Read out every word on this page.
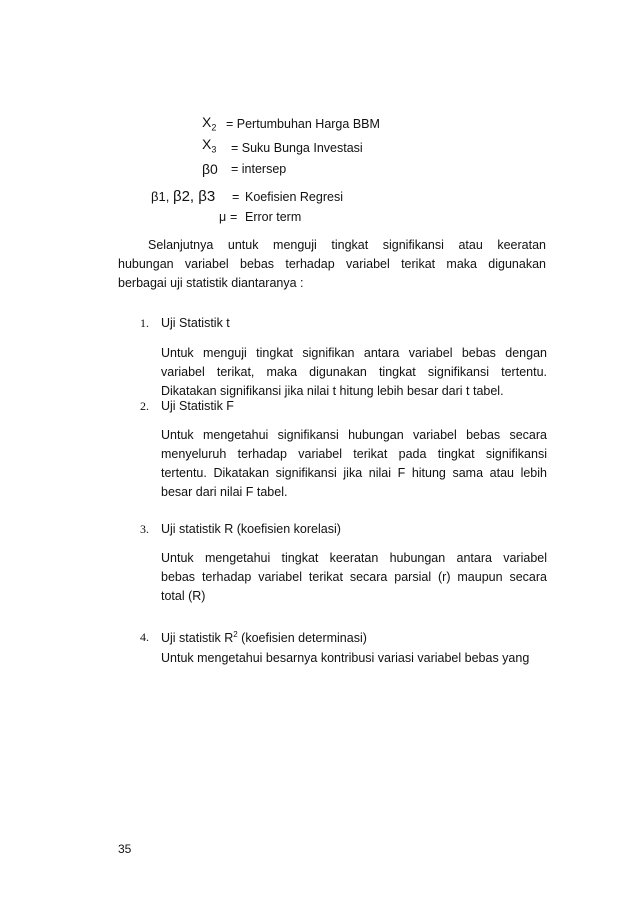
$X_2$ = Pertumbuhan Harga BBM
$X_3$ = Suku Bunga Investasi
β0 = intersep
β1, β2, β3 = Koefisien Regresi
μ = Error term
Selanjutnya untuk menguji tingkat signifikansi atau keeratan
hubungan variabel bebas terhadap variabel terikat maka digunakan
berbagai uji statistik diantaranya :
1. Uji Statistik t
Untuk menguji tingkat signifikan antara variabel bebas dengan
variabel terikat, maka digunakan tingkat signifikansi tertentu.
Dikatakan signifikansi jika nilai t hitung lebih besar dari t tabel.
2. Uji Statistik F
Untuk mengetahui signifikansi hubungan variabel bebas secara
menyeluruh terhadap variabel terikat pada tingkat signifikansi
tertentu. Dikatakan signifikansi jika nilai F hitung sama atau lebih
besar dari nilai F tabel.
3. Uji statistik R (koefisien korelasi)
Untuk mengetahui tingkat keeratan hubungan antara variabel
bebas terhadap variabel terikat secara parsial (r) maupun secara
total (R)
4. Uji statistik $R^2$ (koefisien determinasi)
Untuk mengetahui besarnya kontribusi variasi variabel bebas yang
35
